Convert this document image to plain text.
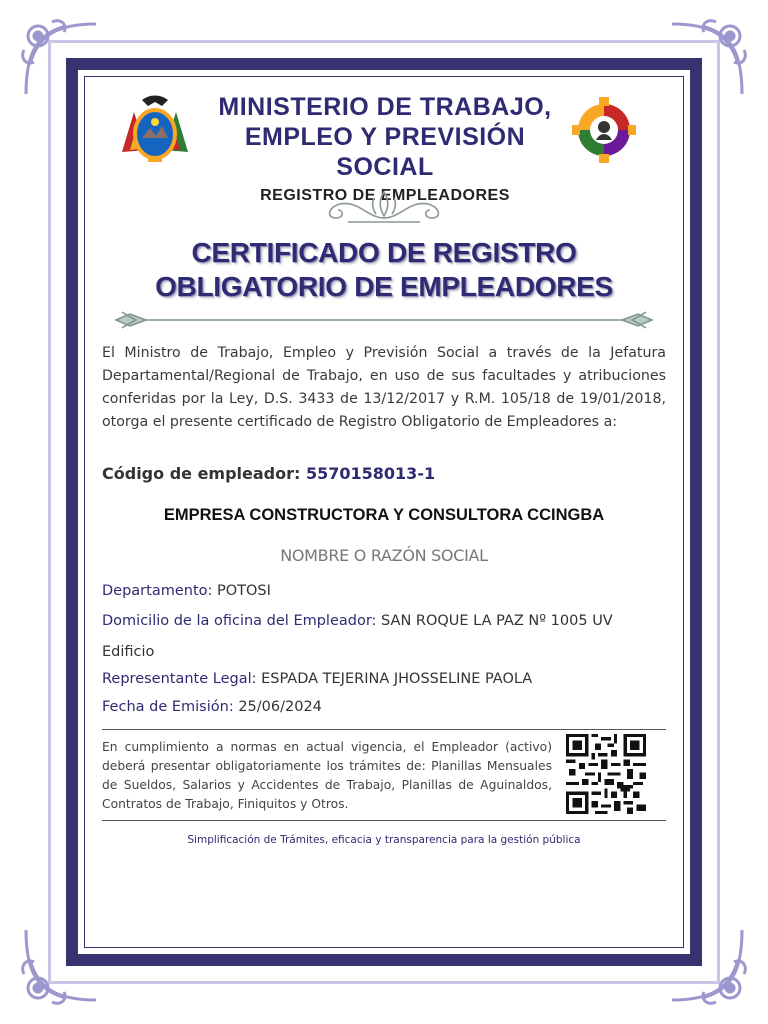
MINISTERIO DE TRABAJO,
EMPLEO Y PREVISIÓN SOCIAL
REGISTRO DE EMPLEADORES
CERTIFICADO DE REGISTRO
OBLIGATORIO DE EMPLEADORES
El Ministro de Trabajo, Empleo y Previsión Social a través de la Jefatura Departamental/Regional de Trabajo, en uso de sus facultades y atribuciones conferidas por la Ley, D.S. 3433 de 13/12/2017 y R.M. 105/18 de 19/01/2018, otorga el presente certificado de Registro Obligatorio de Empleadores a:
Código de empleador: 5570158013-1
EMPRESA CONSTRUCTORA Y CONSULTORA CCINGBA
NOMBRE O RAZÓN SOCIAL
Departamento: POTOSI
Domicilio de la oficina del Empleador: SAN ROQUE LA PAZ Nº 1005 UV Edificio
Representante Legal: ESPADA TEJERINA JHOSSELINE PAOLA
Fecha de Emisión: 25/06/2024
En cumplimiento a normas en actual vigencia, el Empleador (activo) deberá presentar obligatoriamente los trámites de: Planillas Mensuales de Sueldos, Salarios y Accidentes de Trabajo, Planillas de Aguinaldos, Contratos de Trabajo, Finiquitos y Otros.
Simplificación de Trámites, eficacia y transparencia para la gestión pública
